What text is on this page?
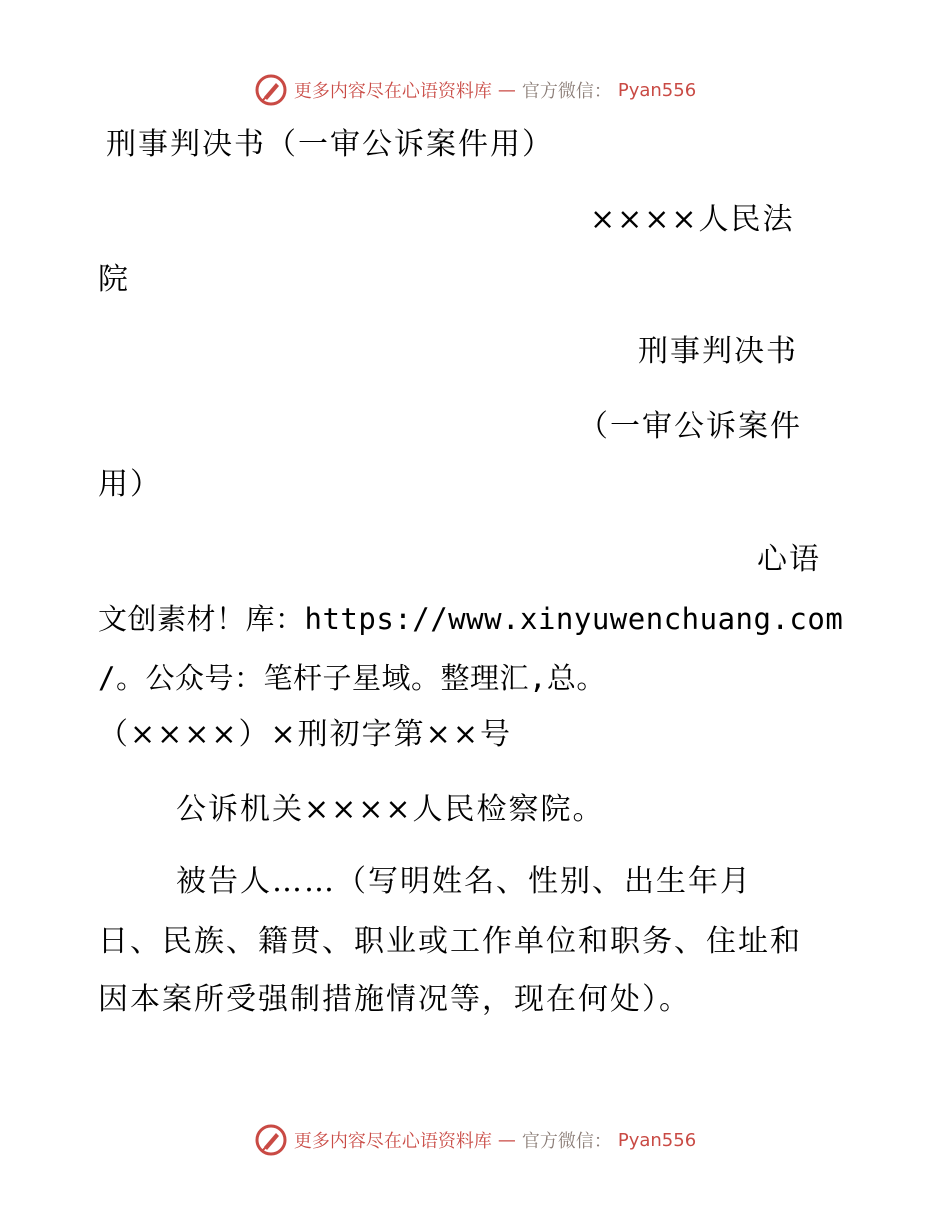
更多内容尽在心语资料库 — 官方微信： Pyan556
刑事判决书（一审公诉案件用）
××××人民法
院
刑事判决书
（一审公诉案件
用）
心语
文创素材！库：https://www.xinyuwenchuang.com
/。公众号：笔杆子星域。整理汇,总。
（××××）×刑初字第××号
公诉机关××××人民检察院。
被告人……（写明姓名、性别、出生年月
日、民族、籍贯、职业或工作单位和职务、住址和
因本案所受强制措施情况等，现在何处）。
更多内容尽在心语资料库 — 官方微信： Pyan556
